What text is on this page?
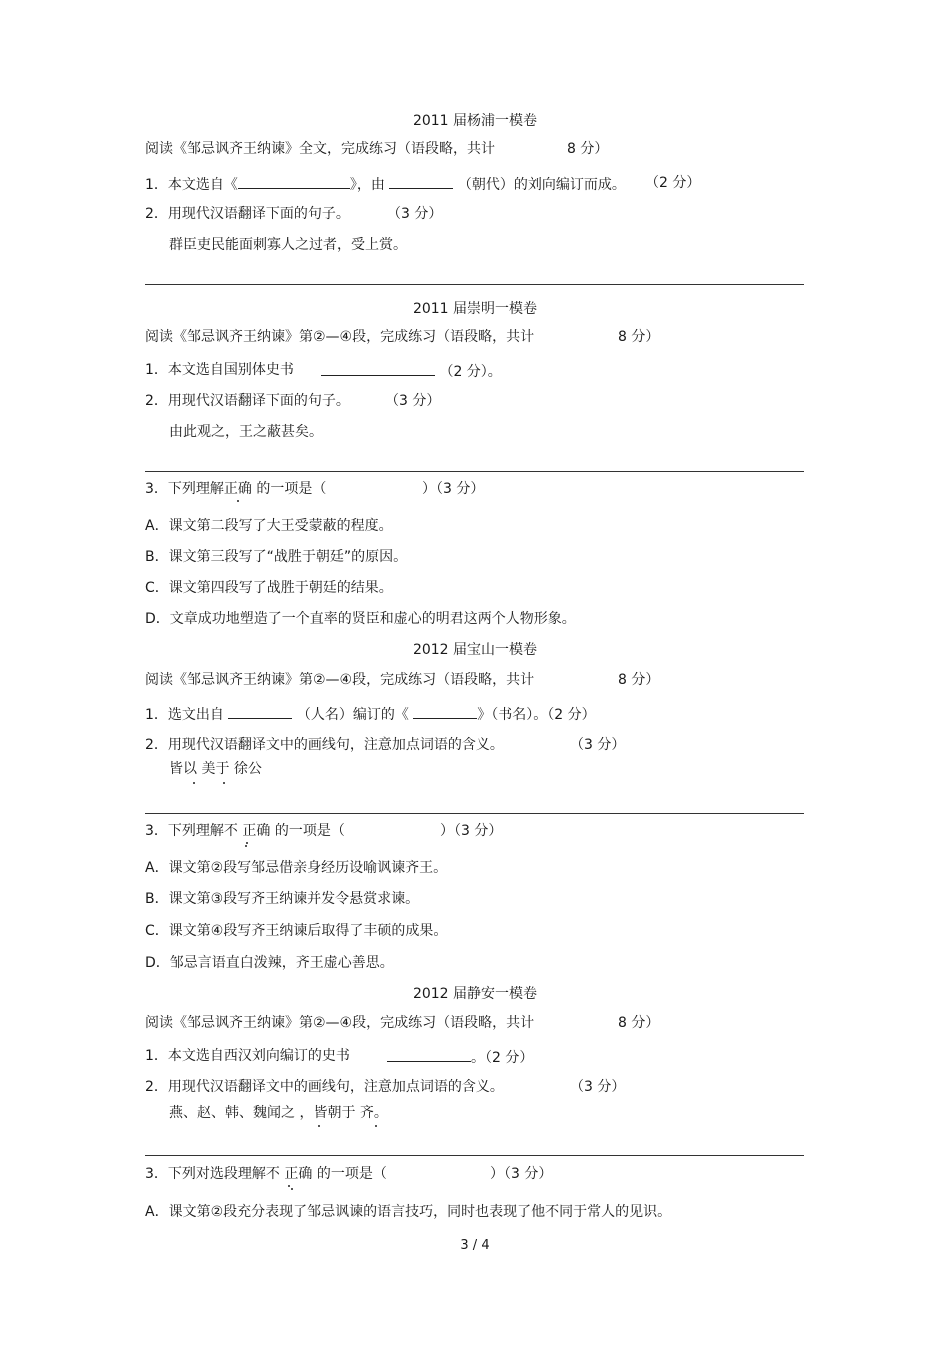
2011 届杨浦一模卷
阅读《邹忌讽齐王纳谏》全文，完成练习（语段略，共计	8 分）
1．本文选自《	》，由	（朝代）的刘向编订而成。 （2 分）
2．用现代汉语翻译下面的句子。	（3 分）
群臣吏民能面刺寡人之过者，受上赏。
2011 届崇明一模卷
阅读《邹忌讽齐王纳谏》第②—④段，完成练习（语段略，共计	8 分）
1．本文选自国别体史书	（2 分）。
2．用现代汉语翻译下面的句子。	（3 分）
由此观之，王之蔽甚矣。
3．下列理解正确 的一项是（	）（3 分）
A．课文第二段写了大王受蒙蔽的程度。
B．课文第三段写了“战胜于朝廷”的原因。
C．课文第四段写了战胜于朝廷的结果。
D．文章成功地塑造了一个直率的贤臣和虚心的明君这两个人物形象。
2012 届宝山一模卷
阅读《邹忌讽齐王纳谏》第②—④段，完成练习（语段略，共计	8 分）
1．选文出自	（人名）编订的《	》（书名）。（2 分）
2．用现代汉语翻译文中的画线句，注意加点词语的含义。	（3 分）
皆以 美于 徐公
3．下列理解不 正确 的一项是（	）（3 分）
A．课文第②段写邹忌借亲身经历设喻讽谏齐王。
B．课文第③段写齐王纳谏并发令悬赏求谏。
C．课文第④段写齐王纳谏后取得了丰硕的成果。
D．邹忌言语直白泼辣，齐王虚心善思。
2012 届静安一模卷
阅读《邹忌讽齐王纳谏》第②—④段，完成练习（语段略，共计	8 分）
1．本文选自西汉刘向编订的史书	。（2 分）
2．用现代汉语翻译文中的画线句，注意加点词语的含义。	（3 分）
燕、赵、韩、魏闻之 ，皆朝于 齐。
3．下列对选段理解不 正确 的一项是（	）（3 分）
A．课文第②段充分表现了邹忌讽谏的语言技巧，同时也表现了他不同于常人的见识。
3 / 4
